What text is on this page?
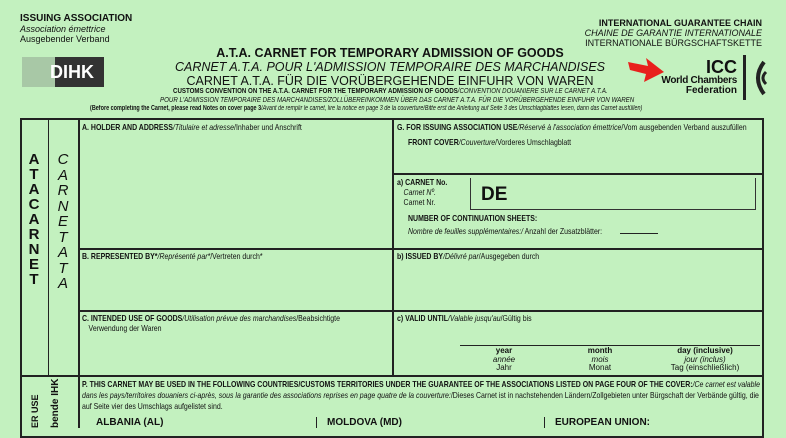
ISSUING ASSOCIATION
Association émettrice
Ausgebender Verband
DIHK
A.T.A. CARNET FOR TEMPORARY ADMISSION OF GOODS
CARNET A.T.A. POUR L'ADMISSION TEMPORAIRE DES MARCHANDISES
CARNET A.T.A. FÜR DIE VORÜBERGEHENDE EINFUHR VON WAREN
CUSTOMS CONVENTION ON THE A.T.A. CARNET FOR THE TEMPORARY ADMISSION OF GOODS/CONVENTION DOUANIERE SUR LE CARNET A.T.A.
POUR L'ADMISSION TEMPORAIRE DES MARCHANDISES/ZOLLÜBEREINKOMMEN ÜBER DAS CARNET A.T.A. FÜR DIE VORÜBERGEHENDE EINFUHR VON WAREN
(Before completing the Carnet, please read Notes on cover page 3/Avant de remplir le carnet, lire la notice en page 3 de la couverture/Bitte erst die Anleitung auf Seite 3 des Umschlagblattes lesen, dann das Carnet ausfüllen)
INTERNATIONAL GUARANTEE CHAIN
CHAINE DE GARANTIE INTERNATIONALE
INTERNATIONALE BÜRGSCHAFTSKETTE
ICC
World Chambers
Federation
A T A C A R N E T
C A R N E T A T A
ER USE bende IHK
A. HOLDER AND ADDRESS/Titulaire et adresse/Inhaber und Anschrift
B. REPRESENTED BY*/Représenté par*/Vertreten durch*
C. INTENDED USE OF GOODS/Utilisation prévue des marchandises/Beabsichtigte
Verwendung der Waren
G. FOR ISSUING ASSOCIATION USE/Réservé à l'association émettrice/Vom ausgebenden Verband auszufüllen
FRONT COVER/Couverture/Vorderes Umschlagblatt
a) CARNET No.
Carnet Nº.
Carnet Nr.	DE
NUMBER OF CONTINUATION SHEETS:
Nombre de feuilles supplémentaires:/ Anzahl der Zusatzblätter:
b) ISSUED BY/Délivré par/Ausgegeben durch
c) VALID UNTIL/Valable jusqu'au/Gültig bis
year
année
Jahr
month
mois
Monat
day (inclusive)
jour (inclus)
Tag (einschließlich)
P. THIS CARNET MAY BE USED IN THE FOLLOWING COUNTRIES/CUSTOMS TERRITORIES UNDER THE GUARANTEE OF THE ASSOCIATIONS LISTED ON PAGE FOUR OF THE COVER:/Ce carnet est valable dans les pays/territoires douaniers ci-après, sous la garantie des associations reprises en page quatre de la couverture:/Dieses Carnet ist in nachstehenden Ländern/Zollgebieten unter Bürgschaft der Verbände gültig, die auf Seite vier des Umschlags aufgelistet sind.
ALBANIA (AL)	MOLDOVA (MD)	EUROPEAN UNION:
